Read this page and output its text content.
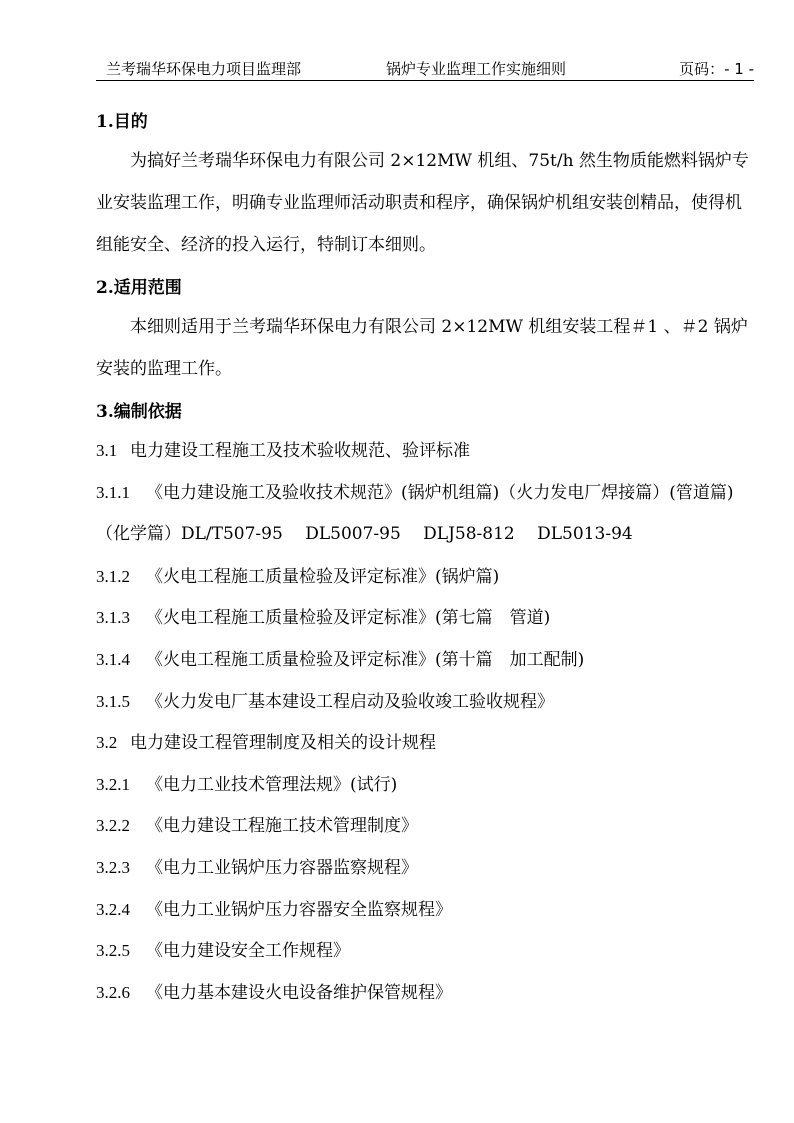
兰考瑞华环保电力项目监理部	锅炉专业监理工作实施细则	页码：- 1 -
1.目的

为搞好兰考瑞华环保电力有限公司 2×12MW 机组、75t/h 然生物质能燃料锅炉专业安装监理工作，明确专业监理师活动职责和程序，确保锅炉机组安装创精品，使得机组能安全、经济的投入运行，特制订本细则。

2.适用范围

本细则适用于兰考瑞华环保电力有限公司 2×12MW 机组安装工程＃1 、＃2 锅炉安装的监理工作。

3.编制依据
3.1 电力建设工程施工及技术验收规范、验评标准

3.1.1 《电力建设施工及验收技术规范》(锅炉机组篇)（火力发电厂焊接篇）(管道篇)（化学篇）DL/T507-95　 DL5007-95　 DLJ58-812　 DL5013-94

3.1.2 《火电工程施工质量检验及评定标准》(锅炉篇)
3.1.3 《火电工程施工质量检验及评定标准》(第七篇　管道)
3.1.4 《火电工程施工质量检验及评定标准》(第十篇　加工配制)
3.1.5 《火力发电厂基本建设工程启动及验收竣工验收规程》
3.2 电力建设工程管理制度及相关的设计规程
3.2.1 《电力工业技术管理法规》(试行)
3.2.2 《电力建设工程施工技术管理制度》
3.2.3 《电力工业锅炉压力容器监察规程》
3.2.4 《电力工业锅炉压力容器安全监察规程》
3.2.5 《电力建设安全工作规程》
3.2.6 《电力基本建设火电设备维护保管规程》
